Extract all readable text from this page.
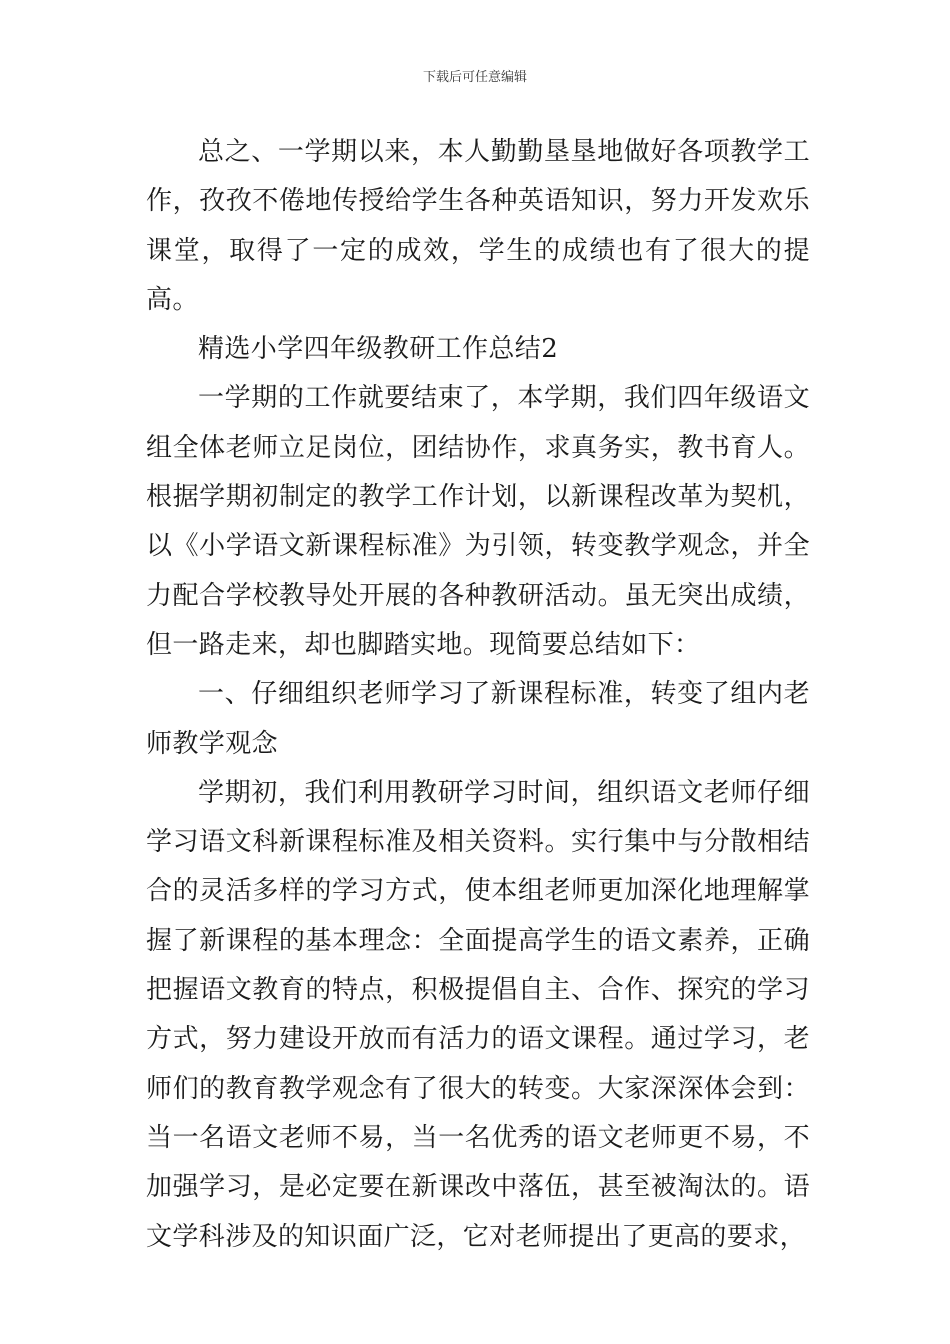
下载后可任意编辑

总之、一学期以来，本人勤勤垦垦地做好各项教学工作，孜孜不倦地传授给学生各种英语知识，努力开发欢乐课堂，取得了一定的成效，学生的成绩也有了很大的提高。

精选小学四年级教研工作总结2

一学期的工作就要结束了，本学期，我们四年级语文组全体老师立足岗位，团结协作，求真务实，教书育人。根据学期初制定的教学工作计划，以新课程改革为契机，以《小学语文新课程标准》为引领，转变教学观念，并全力配合学校教导处开展的各种教研活动。虽无突出成绩，但一路走来，却也脚踏实地。现简要总结如下：

一、仔细组织老师学习了新课程标准，转变了组内老师教学观念

学期初，我们利用教研学习时间，组织语文老师仔细学习语文科新课程标准及相关资料。实行集中与分散相结合的灵活多样的学习方式，使本组老师更加深化地理解掌握了新课程的基本理念：全面提高学生的语文素养，正确把握语文教育的特点，积极提倡自主、合作、探究的学习方式，努力建设开放而有活力的语文课程。通过学习，老师们的教育教学观念有了很大的转变。大家深深体会到：当一名语文老师不易，当一名优秀的语文老师更不易，不加强学习，是必定要在新课改中落伍，甚至被淘汰的。语文学科涉及的知识面广泛，它对老师提出了更高的要求，
